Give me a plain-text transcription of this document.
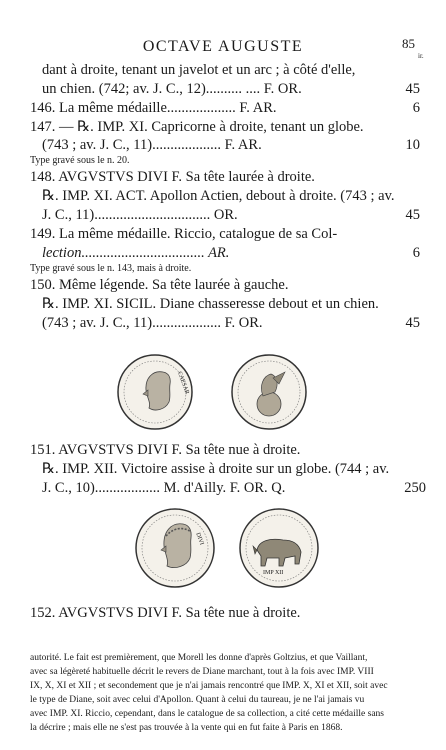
OCTAVE AUGUSTE	85
ir.
dant à droite, tenant un javelot et un arc ; à côté d'elle,
un chien. (742; av. J. C., 12).......... .... F. OR.	45
146. La même médaille................... F. AR.	6
147. — ℞. IMP. XI. Capricorne à droite, tenant un globe.
(743 ; av. J. C., 11)................... F. AR.	10
Type gravé sous le n. 20.
148. AVGVSTVS DIVI F. Sa tête laurée à droite.
℞. IMP. XI. ACT. Apollon Actien, debout à droite. (743 ; av.
J. C., 11)................................ OR.	45
149. La même médaille. Riccio, catalogue de sa Col-
lection.................................. AR.	6
Type gravé sous le n. 143, mais à droite.
150. Même légende. Sa tête laurée à gauche.
℞. IMP. XI. SICIL. Diane chasseresse debout et un chien.
(743 ; av. J. C., 11)................... F. OR.	45
CAESAR
151. AVGVSTVS DIVI F. Sa tête nue à droite.
℞. IMP. XII. Victoire assise à droite sur un globe. (744 ; av.
J. C., 10).................. M. d'Ailly. F. OR. Q.	250
DIVI
IMP XII
152. AVGVSTVS DIVI F. Sa tête nue à droite.
autorité. Le fait est premièrement, que Morell les donne d'après Goltzius, et que Vaillant,
avec sa légèreté habituelle décrit le revers de Diane marchant, tout à la fois avec IMP. VIII
IX, X, XI et XII ; et secondement que je n'ai jamais rencontré que IMP. X, XI et XII, soit avec
le type de Diane, soit avec celui d'Apollon. Quant à celui du taureau, je ne l'ai jamais vu
avec IMP. XI. Riccio, cependant, dans le catalogue de sa collection, a cité cette médaille sans
la décrire ; mais elle ne s'est pas trouvée à la vente qui en fut faite à Paris en 1868.
